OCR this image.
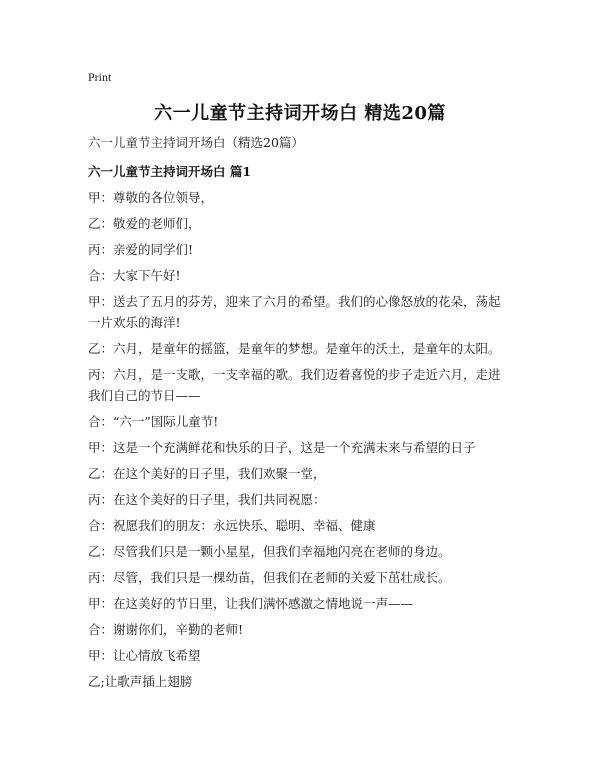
Print
六一儿童节主持词开场白 精选20篇
六一儿童节主持词开场白（精选20篇）
六一儿童节主持词开场白 篇1
甲：尊敬的各位领导，
乙：敬爱的老师们，
丙：亲爱的同学们!
合：大家下午好!
甲：送去了五月的芬芳，迎来了六月的希望。我们的心像怒放的花朵，荡起一片欢乐的海洋!
乙：六月，是童年的摇篮，是童年的梦想。是童年的沃土，是童年的太阳。
丙：六月，是一支歌，一支幸福的歌。我们迈着喜悦的步子走近六月，走进我们自己的节日——
合：“六一”国际儿童节!
甲：这是一个充满鲜花和快乐的日子，这是一个充满未来与希望的日子
乙：在这个美好的日子里，我们欢聚一堂，
丙：在这个美好的日子里，我们共同祝愿：
合：祝愿我们的朋友：永远快乐、聪明、幸福、健康
乙：尽管我们只是一颗小星星，但我们幸福地闪亮在老师的身边。
丙：尽管，我们只是一棵幼苗，但我们在老师的关爱下茁壮成长。
甲：在这美好的节日里，让我们满怀感激之情地说一声——
合：谢谢你们，辛勤的老师!
甲：让心情放飞希望
乙;让歌声插上翅膀
